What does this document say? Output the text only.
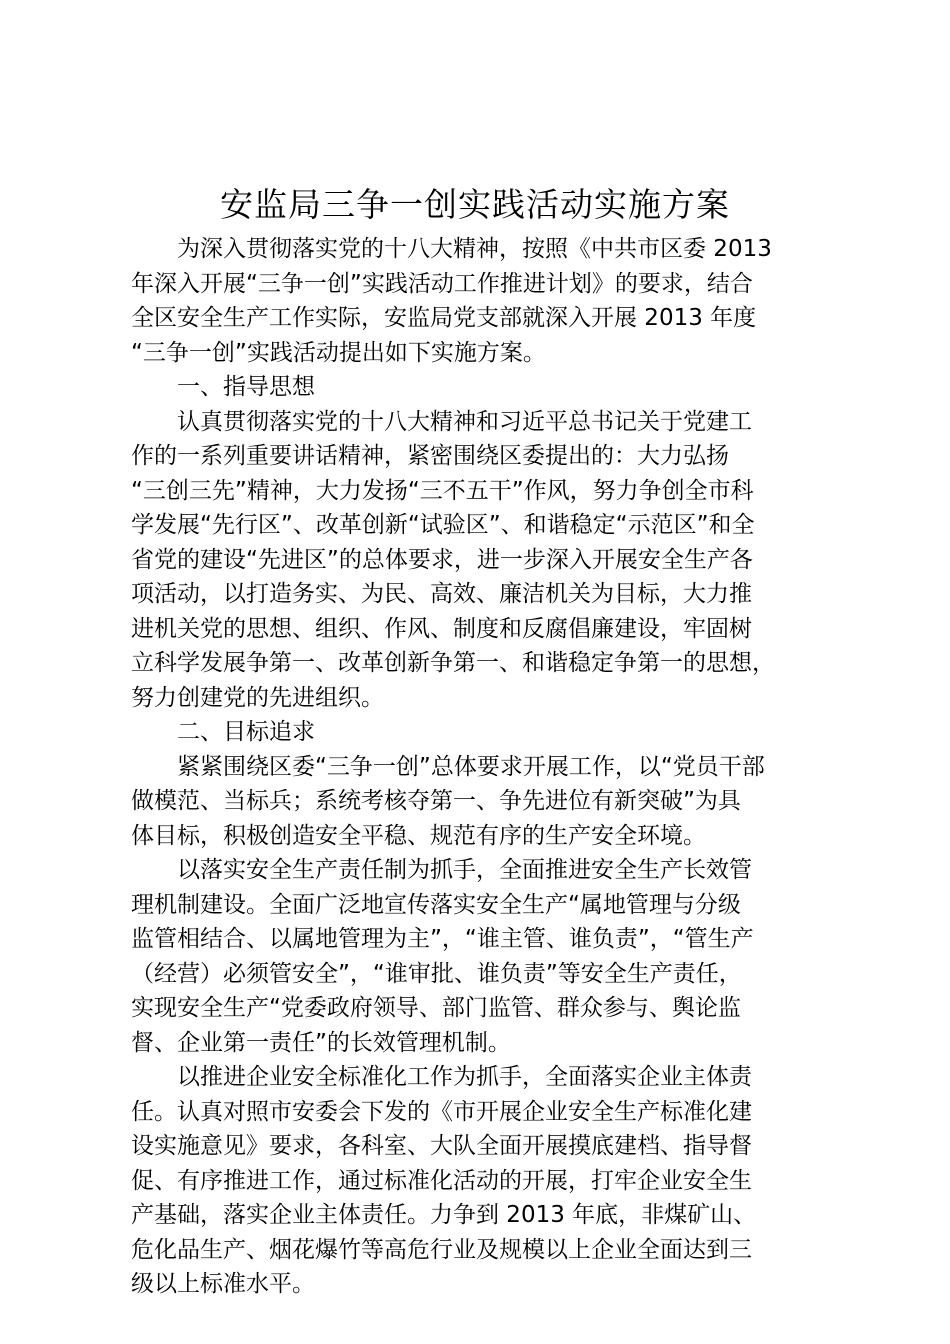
安监局三争一创实践活动实施方案

为深入贯彻落实党的十八大精神，按照《中共市区委 2013
年深入开展“三争一创”实践活动工作推进计划》的要求，结合
全区安全生产工作实际，安监局党支部就深入开展 2013 年度
“三争一创”实践活动提出如下实施方案。

一、指导思想

认真贯彻落实党的十八大精神和习近平总书记关于党建工
作的一系列重要讲话精神，紧密围绕区委提出的：大力弘扬
“三创三先”精神，大力发扬“三不五干”作风，努力争创全市科
学发展“先行区”、改革创新“试验区”、和谐稳定“示范区”和全
省党的建设“先进区”的总体要求，进一步深入开展安全生产各
项活动，以打造务实、为民、高效、廉洁机关为目标，大力推
进机关党的思想、组织、作风、制度和反腐倡廉建设，牢固树
立科学发展争第一、改革创新争第一、和谐稳定争第一的思想，
努力创建党的先进组织。

二、目标追求

紧紧围绕区委“三争一创”总体要求开展工作，以“党员干部
做模范、当标兵；系统考核夺第一、争先进位有新突破”为具
体目标，积极创造安全平稳、规范有序的生产安全环境。

以落实安全生产责任制为抓手，全面推进安全生产长效管
理机制建设。全面广泛地宣传落实安全生产“属地管理与分级
监管相结合、以属地管理为主”，“谁主管、谁负责”，“管生产
（经营）必须管安全”，“谁审批、谁负责”等安全生产责任，
实现安全生产“党委政府领导、部门监管、群众参与、舆论监
督、企业第一责任”的长效管理机制。

以推进企业安全标准化工作为抓手，全面落实企业主体责
任。认真对照市安委会下发的《市开展企业安全生产标准化建
设实施意见》要求，各科室、大队全面开展摸底建档、指导督
促、有序推进工作，通过标准化活动的开展，打牢企业安全生
产基础，落实企业主体责任。力争到 2013 年底，非煤矿山、
危化品生产、烟花爆竹等高危行业及规模以上企业全面达到三
级以上标准水平。
